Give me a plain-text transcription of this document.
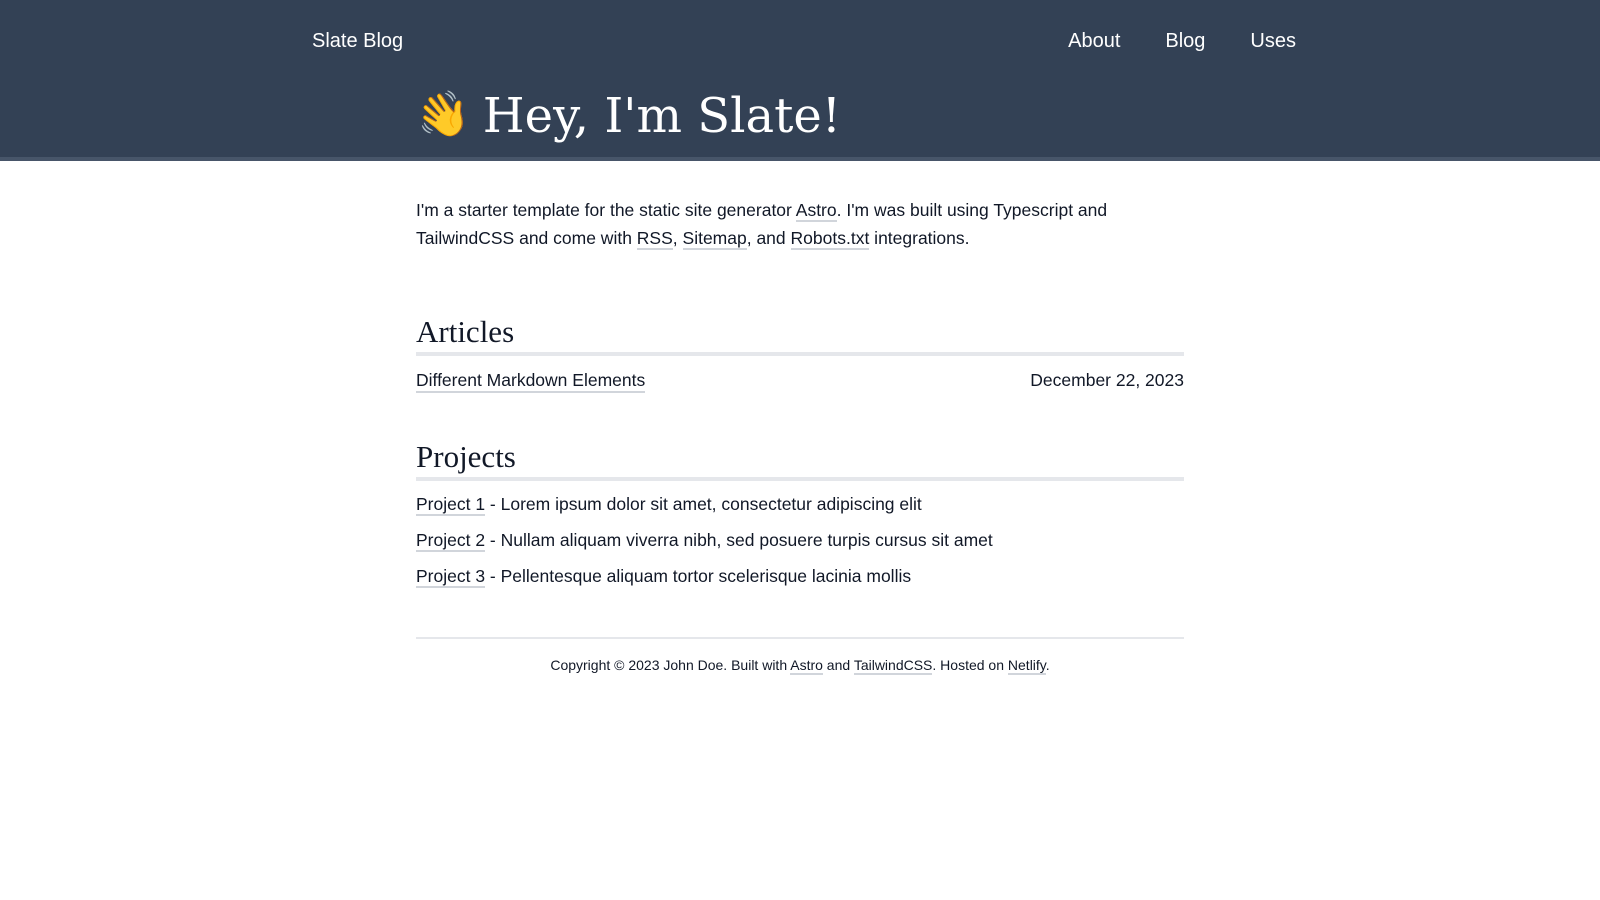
Slate Blog	About Blog Uses
👋 Hey, I'm Slate!

I'm a starter template for the static site generator Astro. I'm was built using Typescript and TailwindCSS and come with RSS, Sitemap, and Robots.txt integrations.

Articles
Different Markdown Elements	December 22, 2023
Projects
Project 1 - Lorem ipsum dolor sit amet, consectetur adipiscing elit
Project 2 - Nullam aliquam viverra nibh, sed posuere turpis cursus sit amet
Project 3 - Pellentesque aliquam tortor scelerisque lacinia mollis
Copyright © 2023 John Doe. Built with Astro and TailwindCSS. Hosted on Netlify.
